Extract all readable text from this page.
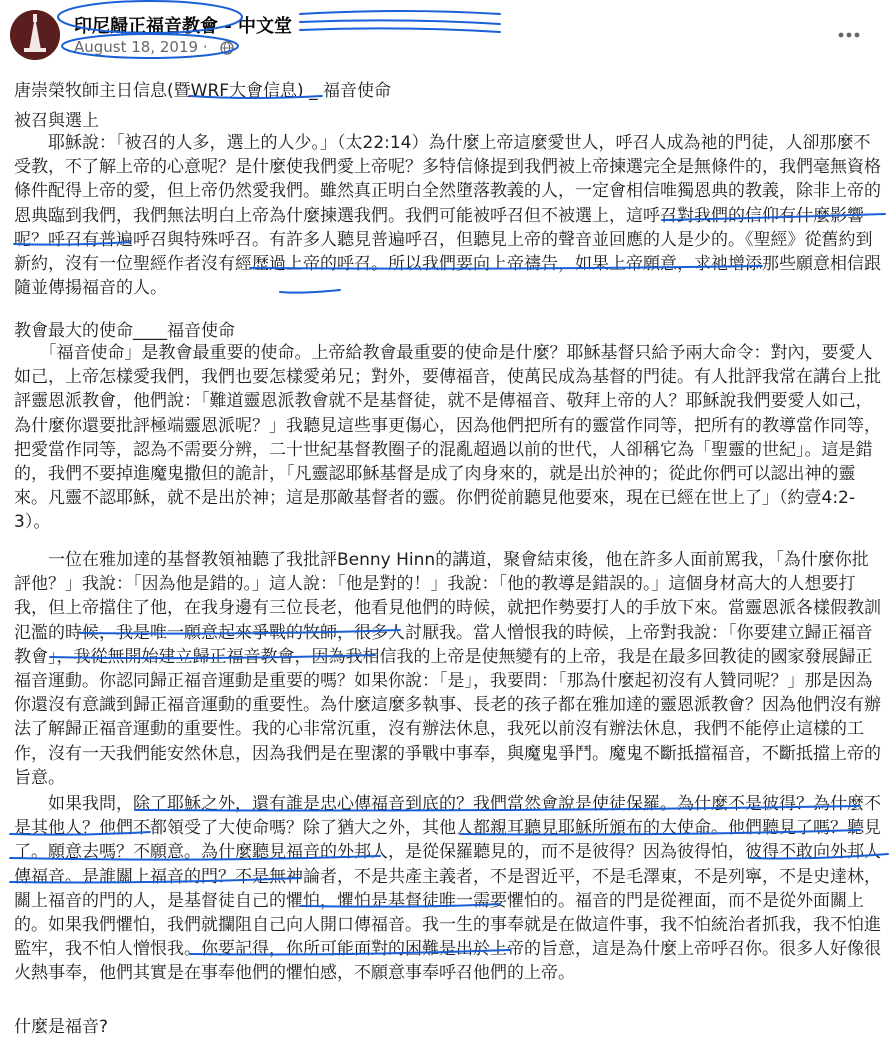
印尼歸正福音教會 - 中文堂
August 18, 2019 ·
唐崇榮牧師主日信息(暨WRF大會信息) _ 福音使命
被召與選上

　　耶穌說：「被召的人多，選上的人少。」（太22:14）為什麼上帝這麼愛世人，呼召人成為祂的門徒，人卻那麼不受教，不了解上帝的心意呢？是什麼使我們愛上帝呢？多特信條提到我們被上帝揀選完全是無條件的，我們毫無資格條件配得上帝的愛，但上帝仍然愛我們。雖然真正明白全然墮落教義的人，一定會相信唯獨恩典的教義，除非上帝的恩典臨到我們，我們無法明白上帝為什麼揀選我們。我們可能被呼召但不被選上，這呼召對我們的信仰有什麼影響呢？呼召有普遍呼召與特殊呼召。有許多人聽見普遍呼召，但聽見上帝的聲音並回應的人是少的。《聖經》從舊約到新約，沒有一位聖經作者沒有經歷過上帝的呼召。所以我們要向上帝禱告，如果上帝願意，求祂增添那些願意相信跟隨並傳揚福音的人。

教會最大的使命____福音使命

　　「福音使命」是教會最重要的使命。上帝給教會最重要的使命是什麼？耶穌基督只給予兩大命令：對內，要愛人如己，上帝怎樣愛我們，我們也要怎樣愛弟兄；對外，要傳福音，使萬民成為基督的門徒。有人批評我常在講台上批評靈恩派教會，他們說：「難道靈恩派教會就不是基督徒，就不是傳福音、敬拜上帝的人？耶穌說我們要愛人如己，為什麼你還要批評極端靈恩派呢？」我聽見這些事更傷心，因為他們把所有的靈當作同等，把所有的教導當作同等，把愛當作同等，認為不需要分辨，二十世紀基督教圈子的混亂超過以前的世代，人卻稱它為「聖靈的世紀」。這是錯的，我們不要掉進魔鬼撒但的詭計，「凡靈認耶穌基督是成了肉身來的，就是出於神的；從此你們可以認出神的靈來。凡靈不認耶穌，就不是出於神；這是那敵基督者的靈。你們從前聽見他要來，現在已經在世上了」（約壹4:2-3）。

　　一位在雅加達的基督教領袖聽了我批評Benny Hinn的講道，聚會結束後，他在許多人面前罵我，「為什麼你批評他？」我說：「因為他是錯的。」這人說：「他是對的！」我說：「他的教導是錯誤的。」這個身材高大的人想要打我，但上帝擋住了他，在我身邊有三位長老，他看見他們的時候，就把作勢要打人的手放下來。當靈恩派各樣假教訓氾濫的時候，我是唯一願意起來爭戰的牧師，很多人討厭我。當人憎恨我的時候，上帝對我說：「你要建立歸正福音教會」，我從無開始建立歸正福音教會，因為我相信我的上帝是使無變有的上帝，我是在最多回教徒的國家發展歸正福音運動。你認同歸正福音運動是重要的嗎？如果你說：「是」，我要問：「那為什麼起初沒有人贊同呢？」那是因為你還沒有意識到歸正福音運動的重要性。為什麼這麼多執事、長老的孩子都在雅加達的靈恩派教會？因為他們沒有辦法了解歸正福音運動的重要性。我的心非常沉重，沒有辦法休息，我死以前沒有辦法休息，我們不能停止這樣的工作，沒有一天我們能安然休息，因為我們是在聖潔的爭戰中事奉，與魔鬼爭鬥。魔鬼不斷抵擋福音，不斷抵擋上帝的旨意。

　　如果我問，除了耶穌之外，還有誰是忠心傳福音到底的？我們當然會說是使徒保羅。為什麼不是彼得？為什麼不是其他人？他們不都領受了大使命嗎？除了猶大之外，其他人都親耳聽見耶穌所頒布的大使命。他們聽見了嗎？聽見了。願意去嗎？不願意。為什麼聽見福音的外邦人，是從保羅聽見的，而不是彼得？因為彼得怕，彼得不敢向外邦人傳福音。是誰關上福音的門？不是無神論者，不是共產主義者，不是習近平，不是毛澤東，不是列寧，不是史達林，關上福音的門的人，是基督徒自己的懼怕，懼怕是基督徒唯一需要懼怕的。福音的門是從裡面，而不是從外面關上的。如果我們懼怕，我們就攔阻自己向人開口傳福音。我一生的事奉就是在做這件事，我不怕統治者抓我，我不怕進監牢，我不怕人憎恨我。你要記得，你所可能面對的困難是出於上帝的旨意，這是為什麼上帝呼召你。很多人好像很火熱事奉，他們其實是在事奉他們的懼怕感，不願意事奉呼召他們的上帝。

什麼是福音?
